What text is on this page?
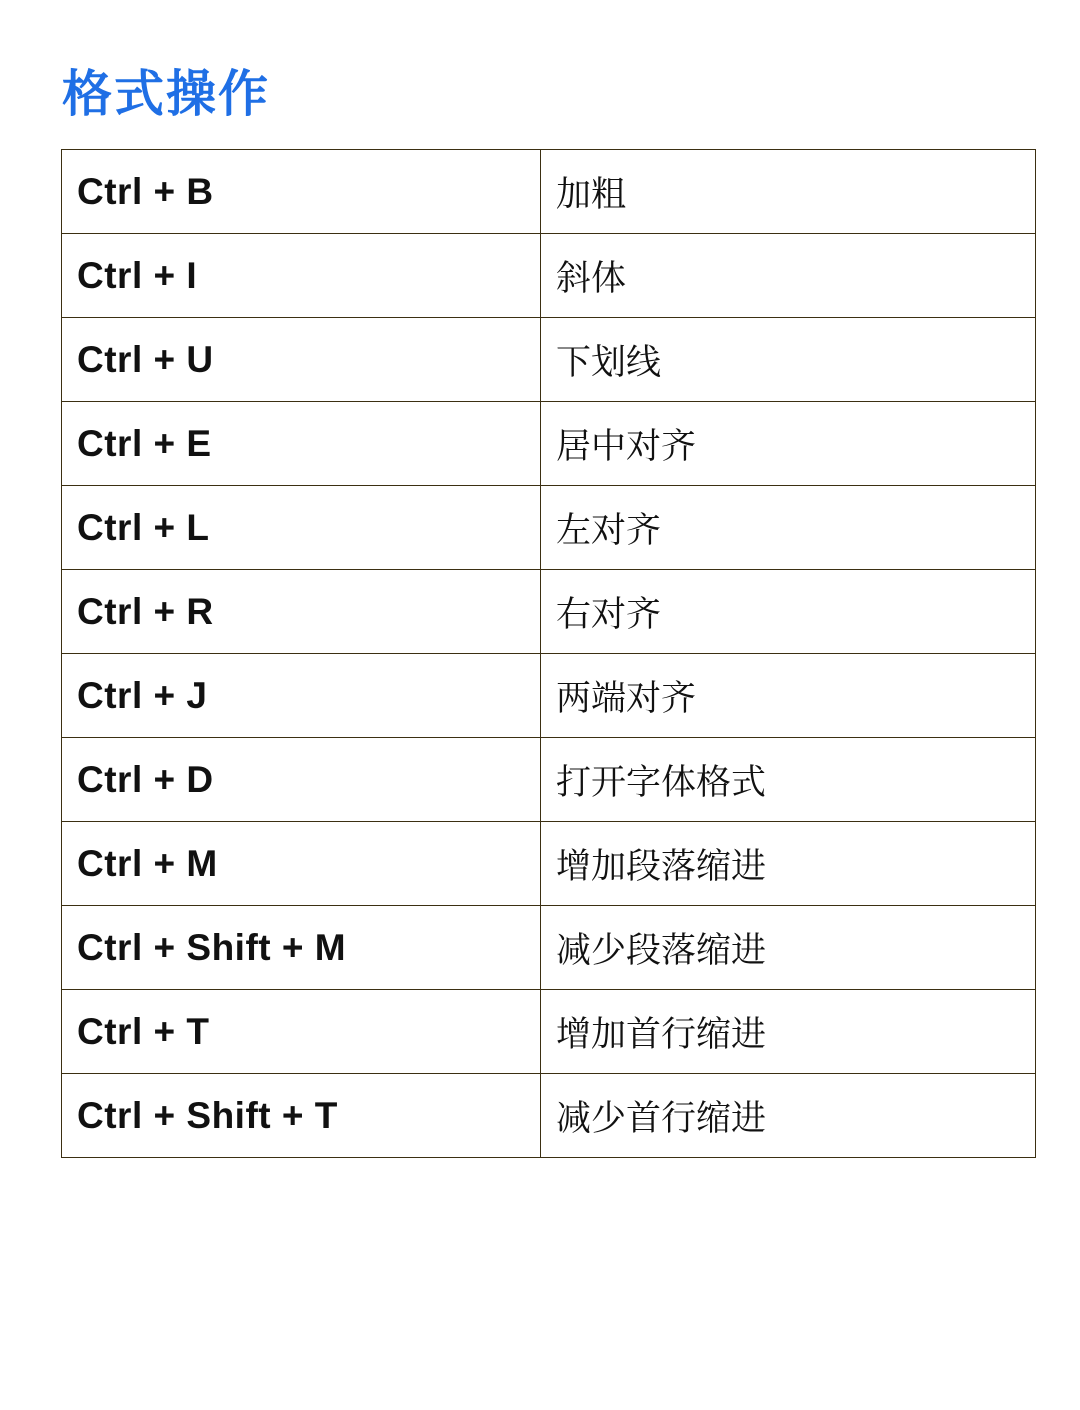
格式操作
Ctrl + B	加粗
Ctrl + I	斜体
Ctrl + U	下划线
Ctrl + E	居中对齐
Ctrl + L	左对齐
Ctrl + R	右对齐
Ctrl + J	两端对齐
Ctrl + D	打开字体格式
Ctrl + M	增加段落缩进
Ctrl + Shift + M	减少段落缩进
Ctrl + T	增加首行缩进
Ctrl + Shift + T	减少首行缩进
